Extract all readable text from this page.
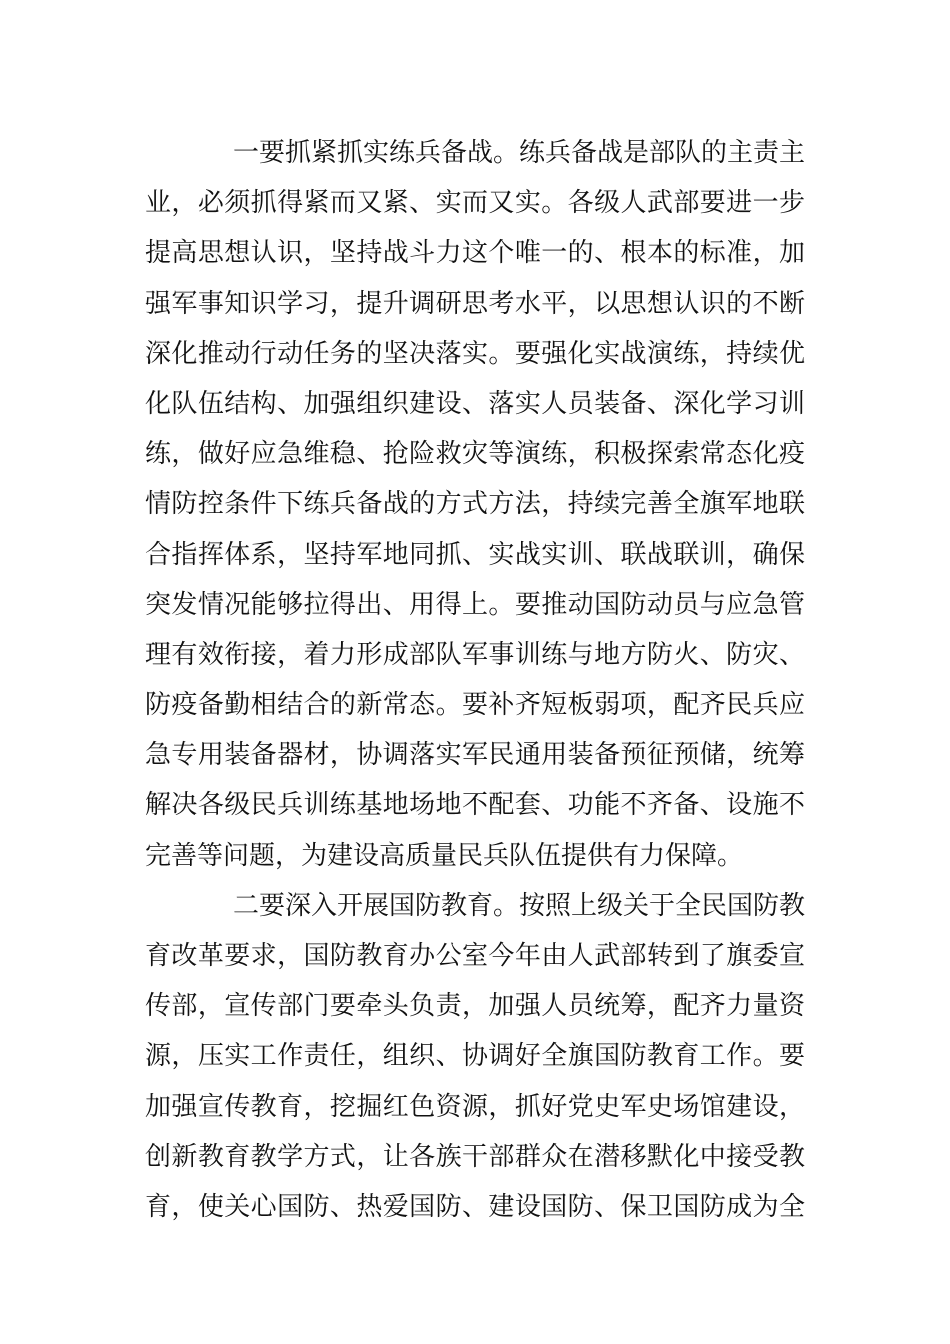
一要抓紧抓实练兵备战。练兵备战是部队的主责主
业，必须抓得紧而又紧、实而又实。各级人武部要进一步
提高思想认识，坚持战斗力这个唯一的、根本的标准，加
强军事知识学习，提升调研思考水平，以思想认识的不断
深化推动行动任务的坚决落实。要强化实战演练，持续优
化队伍结构、加强组织建设、落实人员装备、深化学习训
练，做好应急维稳、抢险救灾等演练，积极探索常态化疫
情防控条件下练兵备战的方式方法，持续完善全旗军地联
合指挥体系，坚持军地同抓、实战实训、联战联训，确保
突发情况能够拉得出、用得上。要推动国防动员与应急管
理有效衔接，着力形成部队军事训练与地方防火、防灾、
防疫备勤相结合的新常态。要补齐短板弱项，配齐民兵应
急专用装备器材，协调落实军民通用装备预征预储，统筹
解决各级民兵训练基地场地不配套、功能不齐备、设施不
完善等问题，为建设高质量民兵队伍提供有力保障。
二要深入开展国防教育。按照上级关于全民国防教
育改革要求，国防教育办公室今年由人武部转到了旗委宣
传部，宣传部门要牵头负责，加强人员统筹，配齐力量资
源，压实工作责任，组织、协调好全旗国防教育工作。要
加强宣传教育，挖掘红色资源，抓好党史军史场馆建设，
创新教育教学方式，让各族干部群众在潜移默化中接受教
育，使关心国防、热爱国防、建设国防、保卫国防成为全
